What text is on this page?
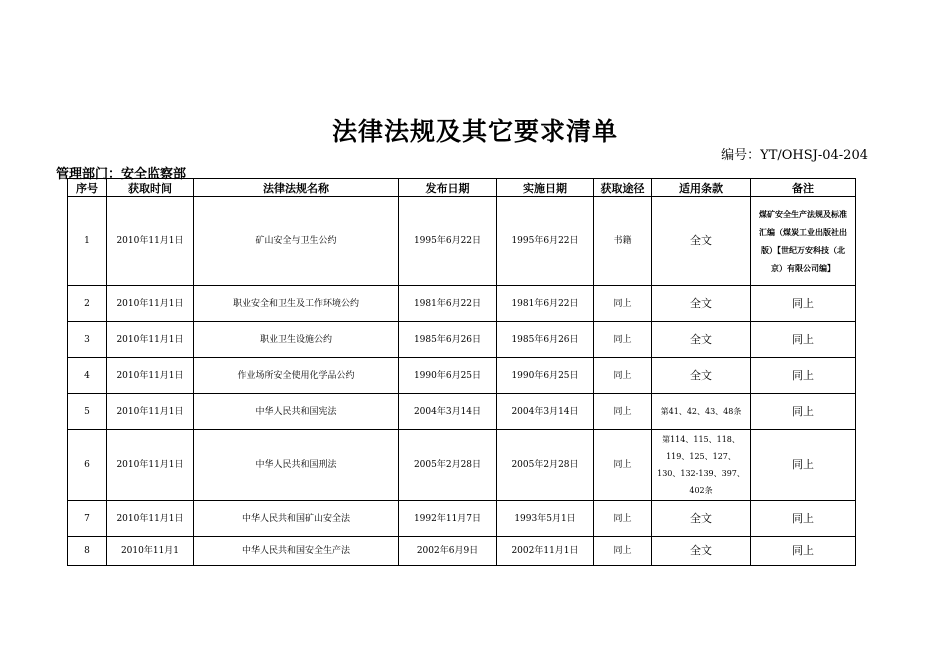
法律法规及其它要求清单
编号：YT/OHSJ-04-204
管理部门：安全监察部
序号	获取时间	法律法规名称	发布日期	实施日期	获取途径	适用条款	备注
1	2010年11月1日	矿山安全与卫生公约	1995年6月22日	1995年6月22日	书籍	全文	煤矿安全生产法规及标准汇编（煤炭工业出版社出版）【世纪万安科技（北京）有限公司编】
2	2010年11月1日	职业安全和卫生及工作环境公约	1981年6月22日	1981年6月22日	同上	全文	同上
3	2010年11月1日	职业卫生设施公约	1985年6月26日	1985年6月26日	同上	全文	同上
4	2010年11月1日	作业场所安全使用化学品公约	1990年6月25日	1990年6月25日	同上	全文	同上
5	2010年11月1日	中华人民共和国宪法	2004年3月14日	2004年3月14日	同上	第41、42、43、48条	同上
6	2010年11月1日	中华人民共和国刑法	2005年2月28日	2005年2月28日	同上	第114、115、118、119、125、127、130、132-139、397、402条	同上
7	2010年11月1日	中华人民共和国矿山安全法	1992年11月7日	1993年5月1日	同上	全文	同上
8	2010年11月1	中华人民共和国安全生产法	2002年6月9日	2002年11月1日	同上	全文	同上
